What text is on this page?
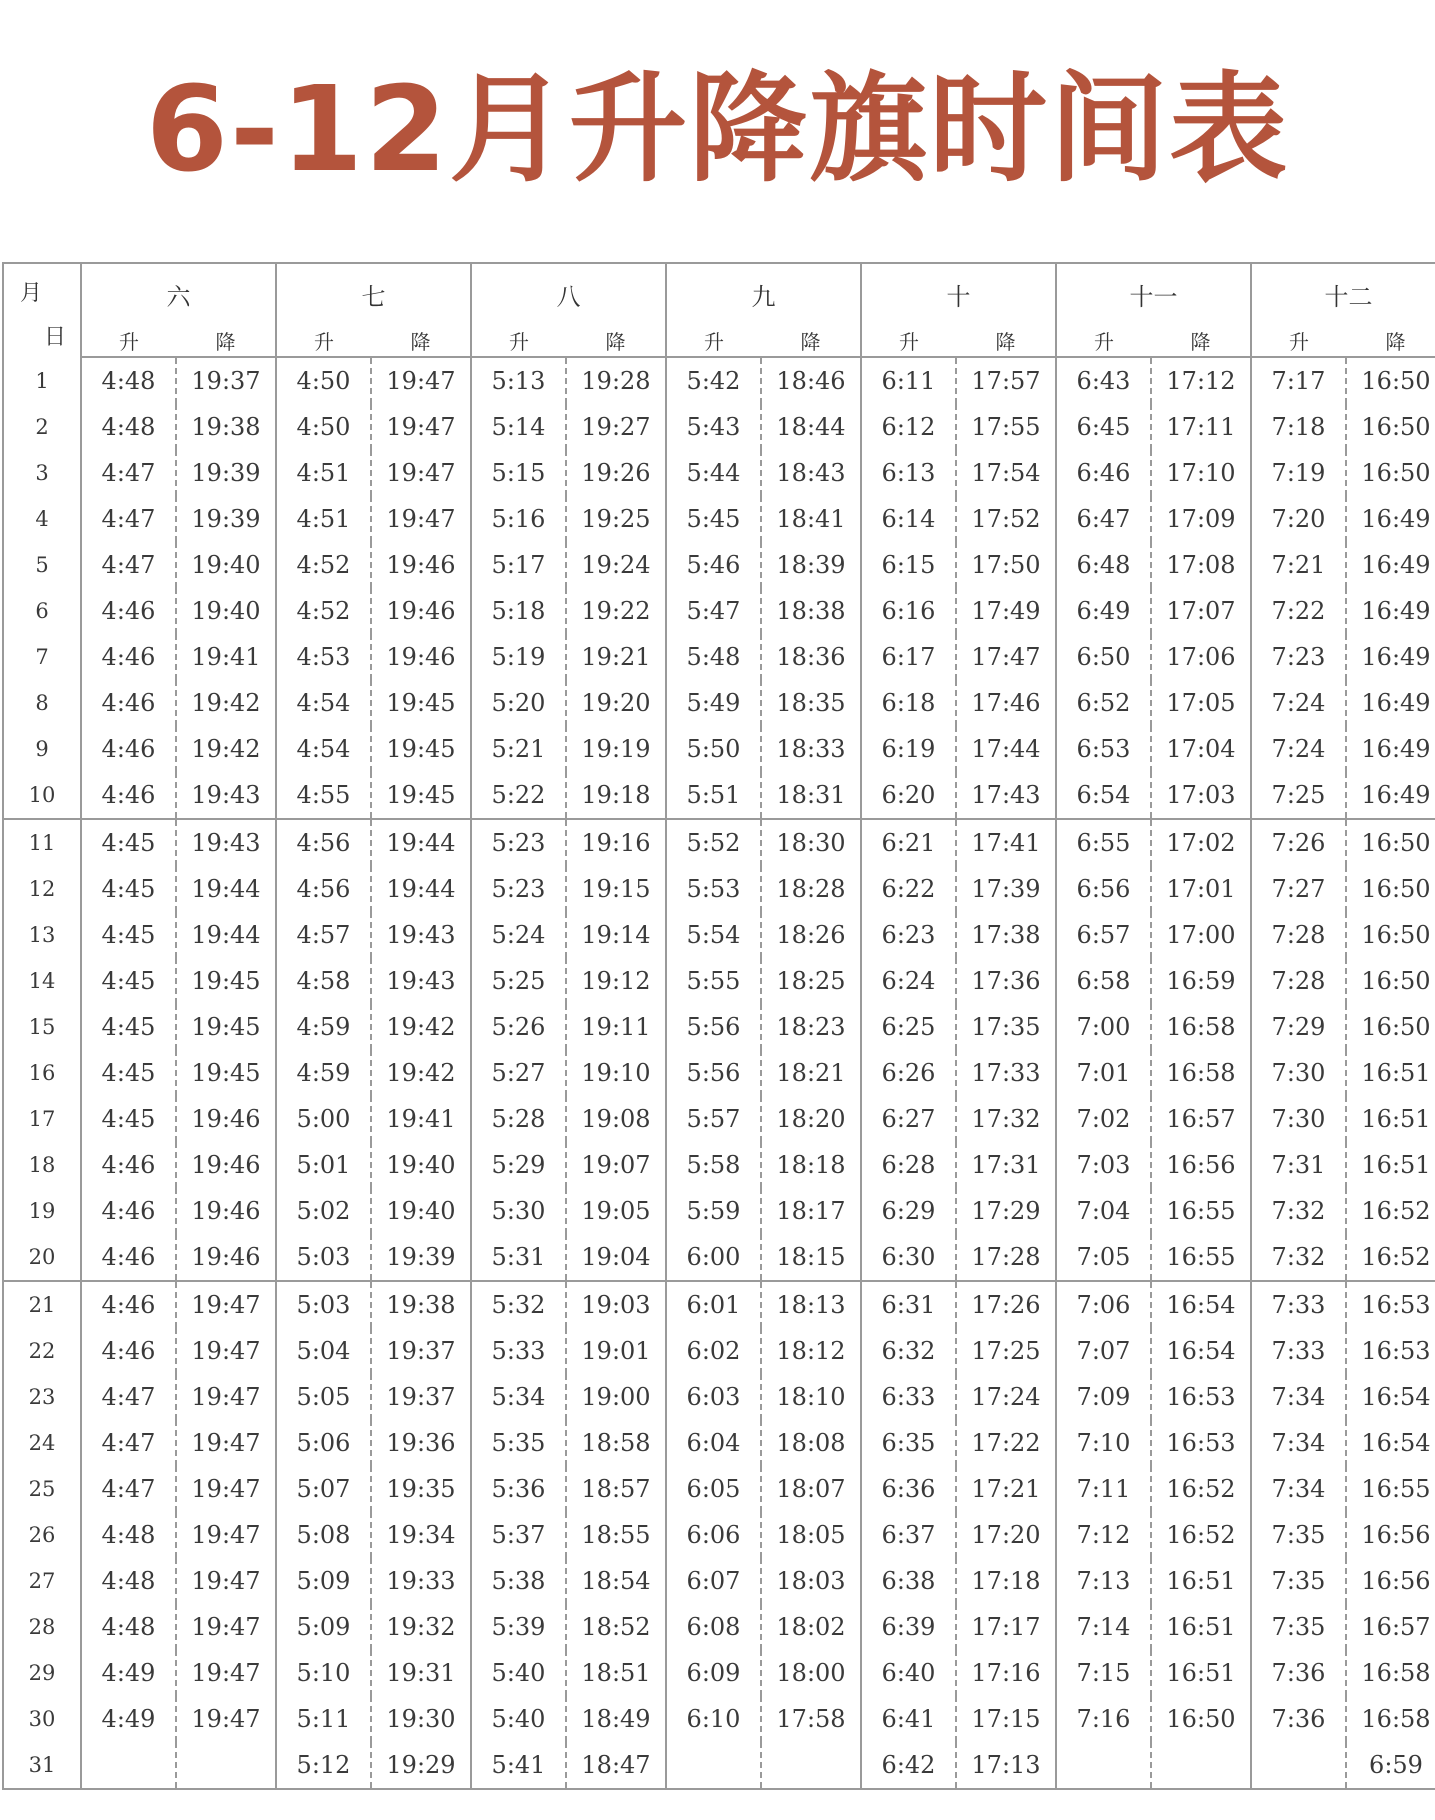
6-12月升降旗时间表
月
日	六		七		八		九		十		十一		十二	
	升	降	升	降	升	降	升	降	升	降	升	降	升	降
1	4:48	19:37	4:50	19:47	5:13	19:28	5:42	18:46	6:11	17:57	6:43	17:12	7:17	16:50
2	4:48	19:38	4:50	19:47	5:14	19:27	5:43	18:44	6:12	17:55	6:45	17:11	7:18	16:50
3	4:47	19:39	4:51	19:47	5:15	19:26	5:44	18:43	6:13	17:54	6:46	17:10	7:19	16:50
4	4:47	19:39	4:51	19:47	5:16	19:25	5:45	18:41	6:14	17:52	6:47	17:09	7:20	16:49
5	4:47	19:40	4:52	19:46	5:17	19:24	5:46	18:39	6:15	17:50	6:48	17:08	7:21	16:49
6	4:46	19:40	4:52	19:46	5:18	19:22	5:47	18:38	6:16	17:49	6:49	17:07	7:22	16:49
7	4:46	19:41	4:53	19:46	5:19	19:21	5:48	18:36	6:17	17:47	6:50	17:06	7:23	16:49
8	4:46	19:42	4:54	19:45	5:20	19:20	5:49	18:35	6:18	17:46	6:52	17:05	7:24	16:49
9	4:46	19:42	4:54	19:45	5:21	19:19	5:50	18:33	6:19	17:44	6:53	17:04	7:24	16:49
10	4:46	19:43	4:55	19:45	5:22	19:18	5:51	18:31	6:20	17:43	6:54	17:03	7:25	16:49
11	4:45	19:43	4:56	19:44	5:23	19:16	5:52	18:30	6:21	17:41	6:55	17:02	7:26	16:50
12	4:45	19:44	4:56	19:44	5:23	19:15	5:53	18:28	6:22	17:39	6:56	17:01	7:27	16:50
13	4:45	19:44	4:57	19:43	5:24	19:14	5:54	18:26	6:23	17:38	6:57	17:00	7:28	16:50
14	4:45	19:45	4:58	19:43	5:25	19:12	5:55	18:25	6:24	17:36	6:58	16:59	7:28	16:50
15	4:45	19:45	4:59	19:42	5:26	19:11	5:56	18:23	6:25	17:35	7:00	16:58	7:29	16:50
16	4:45	19:45	4:59	19:42	5:27	19:10	5:56	18:21	6:26	17:33	7:01	16:58	7:30	16:51
17	4:45	19:46	5:00	19:41	5:28	19:08	5:57	18:20	6:27	17:32	7:02	16:57	7:30	16:51
18	4:46	19:46	5:01	19:40	5:29	19:07	5:58	18:18	6:28	17:31	7:03	16:56	7:31	16:51
19	4:46	19:46	5:02	19:40	5:30	19:05	5:59	18:17	6:29	17:29	7:04	16:55	7:32	16:52
20	4:46	19:46	5:03	19:39	5:31	19:04	6:00	18:15	6:30	17:28	7:05	16:55	7:32	16:52
21	4:46	19:47	5:03	19:38	5:32	19:03	6:01	18:13	6:31	17:26	7:06	16:54	7:33	16:53
22	4:46	19:47	5:04	19:37	5:33	19:01	6:02	18:12	6:32	17:25	7:07	16:54	7:33	16:53
23	4:47	19:47	5:05	19:37	5:34	19:00	6:03	18:10	6:33	17:24	7:09	16:53	7:34	16:54
24	4:47	19:47	5:06	19:36	5:35	18:58	6:04	18:08	6:35	17:22	7:10	16:53	7:34	16:54
25	4:47	19:47	5:07	19:35	5:36	18:57	6:05	18:07	6:36	17:21	7:11	16:52	7:34	16:55
26	4:48	19:47	5:08	19:34	5:37	18:55	6:06	18:05	6:37	17:20	7:12	16:52	7:35	16:56
27	4:48	19:47	5:09	19:33	5:38	18:54	6:07	18:03	6:38	17:18	7:13	16:51	7:35	16:56
28	4:48	19:47	5:09	19:32	5:39	18:52	6:08	18:02	6:39	17:17	7:14	16:51	7:35	16:57
29	4:49	19:47	5:10	19:31	5:40	18:51	6:09	18:00	6:40	17:16	7:15	16:51	7:36	16:58
30	4:49	19:47	5:11	19:30	5:40	18:49	6:10	17:58	6:41	17:15	7:16	16:50	7:36	16:58
31			5:12	19:29	5:41	18:47			6:42	17:13				6:59
